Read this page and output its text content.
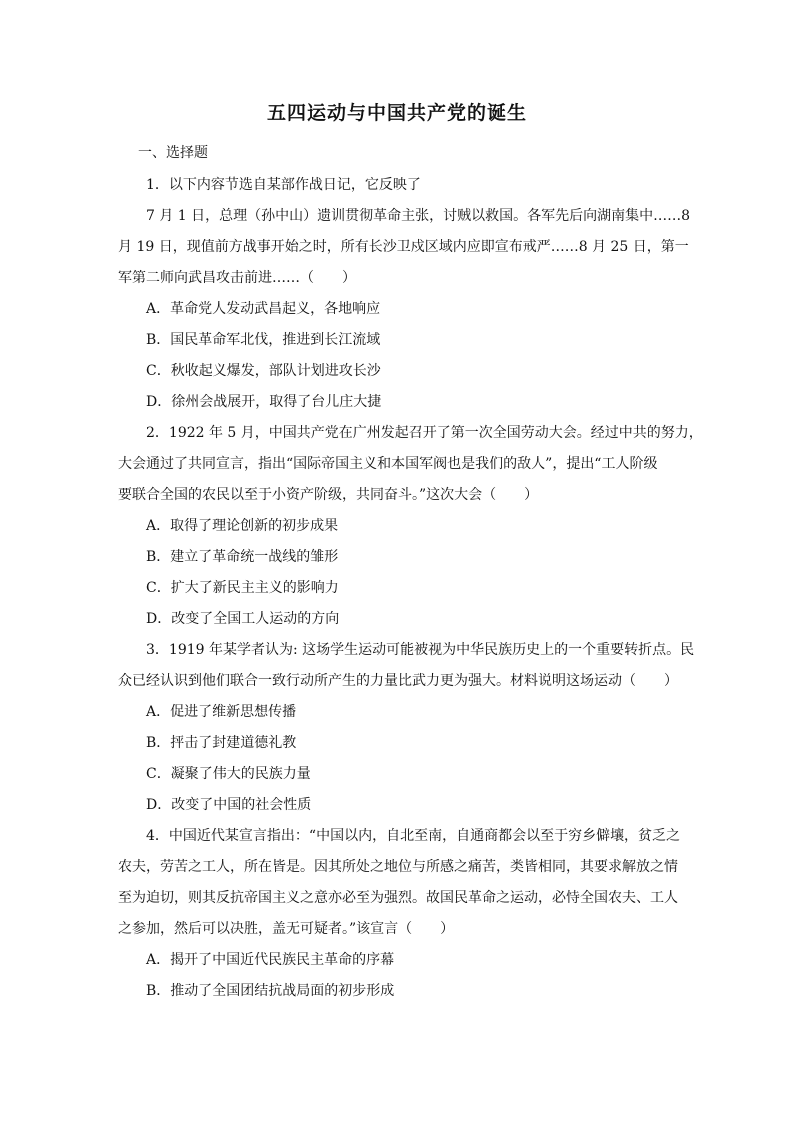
五四运动与中国共产党的诞生
一、选择题
1．以下内容节选自某部作战日记，它反映了
7 月 1 日，总理（孙中山）遗训贯彻革命主张，讨贼以救国。各军先后向湖南集中……8
月 19 日，现值前方战事开始之时，所有长沙卫戍区域内应即宣布戒严……8 月 25 日，第一
军第二师向武昌攻击前进……（　　）
A．革命党人发动武昌起义，各地响应
B．国民革命军北伐，推进到长江流域
C．秋收起义爆发，部队计划进攻长沙
D．徐州会战展开，取得了台儿庄大捷
2．1922 年 5 月，中国共产党在广州发起召开了第一次全国劳动大会。经过中共的努力，
大会通过了共同宣言，指出“国际帝国主义和本国军阀也是我们的敌人”，提出“工人阶级
要联合全国的农民以至于小资产阶级，共同奋斗。”这次大会（　　）
A．取得了理论创新的初步成果
B．建立了革命统一战线的雏形
C．扩大了新民主主义的影响力
D．改变了全国工人运动的方向
3．1919 年某学者认为: 这场学生运动可能被视为中华民族历史上的一个重要转折点。民
众已经认识到他们联合一致行动所产生的力量比武力更为强大。材料说明这场运动（　　）
A．促进了维新思想传播
B．抨击了封建道德礼教
C．凝聚了伟大的民族力量
D．改变了中国的社会性质
4．中国近代某宣言指出：“中国以内，自北至南，自通商都会以至于穷乡僻壤，贫乏之
农夫，劳苦之工人，所在皆是。因其所处之地位与所感之痛苦，类皆相同，其要求解放之情
至为迫切，则其反抗帝国主义之意亦必至为强烈。故国民革命之运动，必恃全国农夫、工人
之参加，然后可以决胜，盖无可疑者。”该宣言（　　）
A．揭开了中国近代民族民主革命的序幕
B．推动了全国团结抗战局面的初步形成
